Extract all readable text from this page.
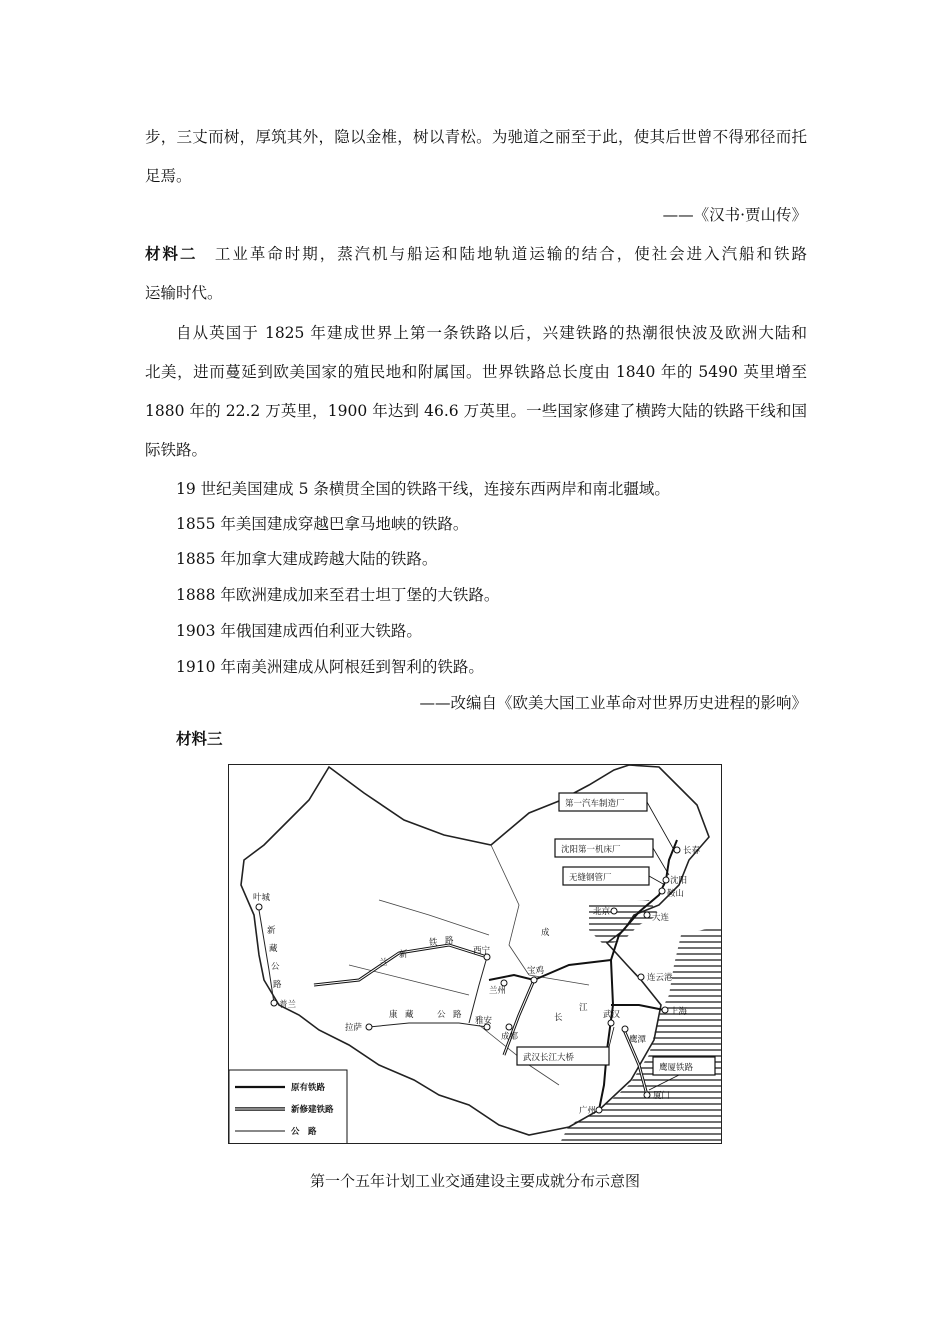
步，三丈而树，厚筑其外，隐以金椎，树以青松。为驰道之丽至于此，使其后世曾不得邪径而托
足焉。
——《汉书·贾山传》
材料二　工业革命时期，蒸汽机与船运和陆地轨道运输的结合，使社会进入汽船和铁路
运输时代。
自从英国于 1825 年建成世界上第一条铁路以后，兴建铁路的热潮很快波及欧洲大陆和
北美，进而蔓延到欧美国家的殖民地和附属国。世界铁路总长度由 1840 年的 5490 英里增至
1880 年的 22.2 万英里，1900 年达到 46.6 万英里。一些国家修建了横跨大陆的铁路干线和国
际铁路。
19 世纪美国建成 5 条横贯全国的铁路干线，连接东西两岸和南北疆域。
1855 年美国建成穿越巴拿马地峡的铁路。
1885 年加拿大建成跨越大陆的铁路。
1888 年欧洲建成加来至君士坦丁堡的大铁路。
1903 年俄国建成西伯利亚大铁路。
1910 年南美洲建成从阿根廷到智利的铁路。
——改编自《欧美大国工业革命对世界历史进程的影响》
材料三
第一汽车制造厂
沈阳第一机床厂
无缝钢管厂
武汉长江大桥
鹰厦铁路
长春
沈阳
鞍山
大连
北京
西宁
兰州
宝鸡
成都
雅安
拉萨
武汉	上海
连云港
鹰潭
厦门
广州
叶城
普兰
新
藏
公
路
康 藏	公 路
兰
新
铁 路
成
江
长
原有铁路
新修建铁路
公　路
第一个五年计划工业交通建设主要成就分布示意图
